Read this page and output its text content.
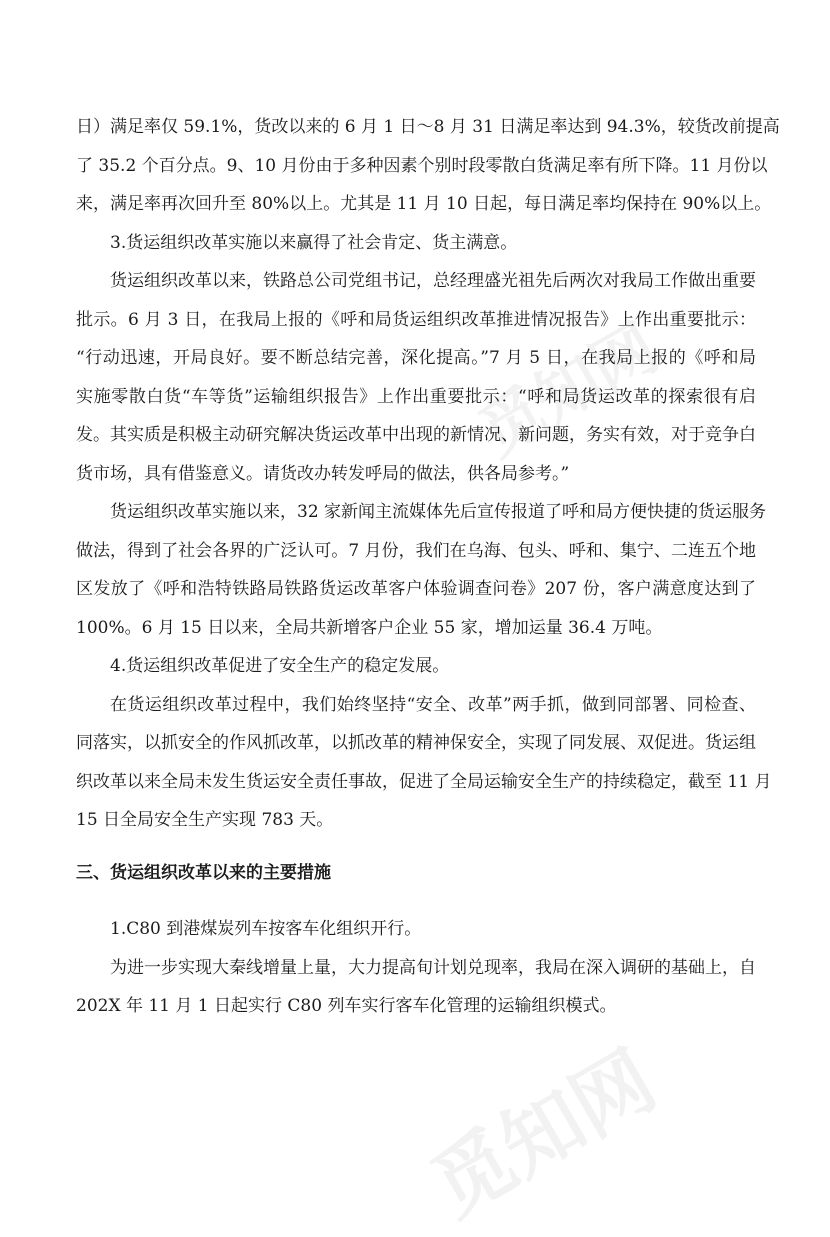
觅知网
觅知网

日）满足率仅 59.1%，货改以来的 6 月 1 日～8 月 31 日满足率达到 94.3%，较货改前提高
了 35.2 个百分点。9、10 月份由于多种因素个别时段零散白货满足率有所下降。11 月份以
来，满足率再次回升至 80%以上。尤其是 11 月 10 日起，每日满足率均保持在 90%以上。

3.货运组织改革实施以来赢得了社会肯定、货主满意。

货运组织改革以来，铁路总公司党组书记，总经理盛光祖先后两次对我局工作做出重要
批示。6 月 3 日，在我局上报的《呼和局货运组织改革推进情况报告》上作出重要批示：
“行动迅速，开局良好。要不断总结完善，深化提高。”7 月 5 日，在我局上报的《呼和局
实施零散白货“车等货”运输组织报告》上作出重要批示：“呼和局货运改革的探索很有启
发。其实质是积极主动研究解决货运改革中出现的新情况、新问题，务实有效，对于竞争白
货市场，具有借鉴意义。请货改办转发呼局的做法，供各局参考。”

货运组织改革实施以来，32 家新闻主流媒体先后宣传报道了呼和局方便快捷的货运服务
做法，得到了社会各界的广泛认可。7 月份，我们在乌海、包头、呼和、集宁、二连五个地
区发放了《呼和浩特铁路局铁路货运改革客户体验调查问卷》207 份，客户满意度达到了
100%。6 月 15 日以来，全局共新增客户企业 55 家，增加运量 36.4 万吨。

4.货运组织改革促进了安全生产的稳定发展。

在货运组织改革过程中，我们始终坚持“安全、改革”两手抓，做到同部署、同检查、
同落实，以抓安全的作风抓改革，以抓改革的精神保安全，实现了同发展、双促进。货运组
织改革以来全局未发生货运安全责任事故，促进了全局运输安全生产的持续稳定，截至 11 月
15 日全局安全生产实现 783 天。

三、货运组织改革以来的主要措施

1.C80 到港煤炭列车按客车化组织开行。

为进一步实现大秦线增量上量，大力提高旬计划兑现率，我局在深入调研的基础上，自
202X 年 11 月 1 日起实行 C80 列车实行客车化管理的运输组织模式。
